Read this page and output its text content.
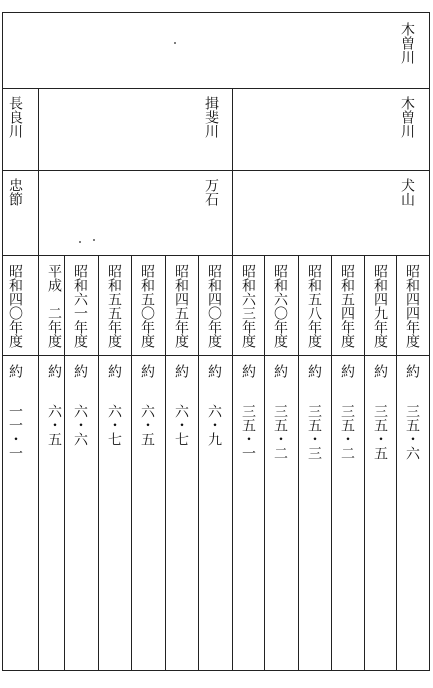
木曽川
木曽川
揖斐川
長良川
犬山
万石
忠節
昭和四四年度
約
三五・六
昭和四九年度
約
三五・五
昭和五四年度
約
三五・二
昭和五八年度
約
三五・三
昭和六〇年度
約
三五・二
昭和六三年度
約
三五・一
昭和四〇年度
約
六・九
昭和四五年度
約
六・七
昭和五〇年度
約
六・五
昭和五五年度
約
六・七
昭和六一年度
約
六・六
平成　二年度
約
六・五
昭和四〇年度
約
一一・一
